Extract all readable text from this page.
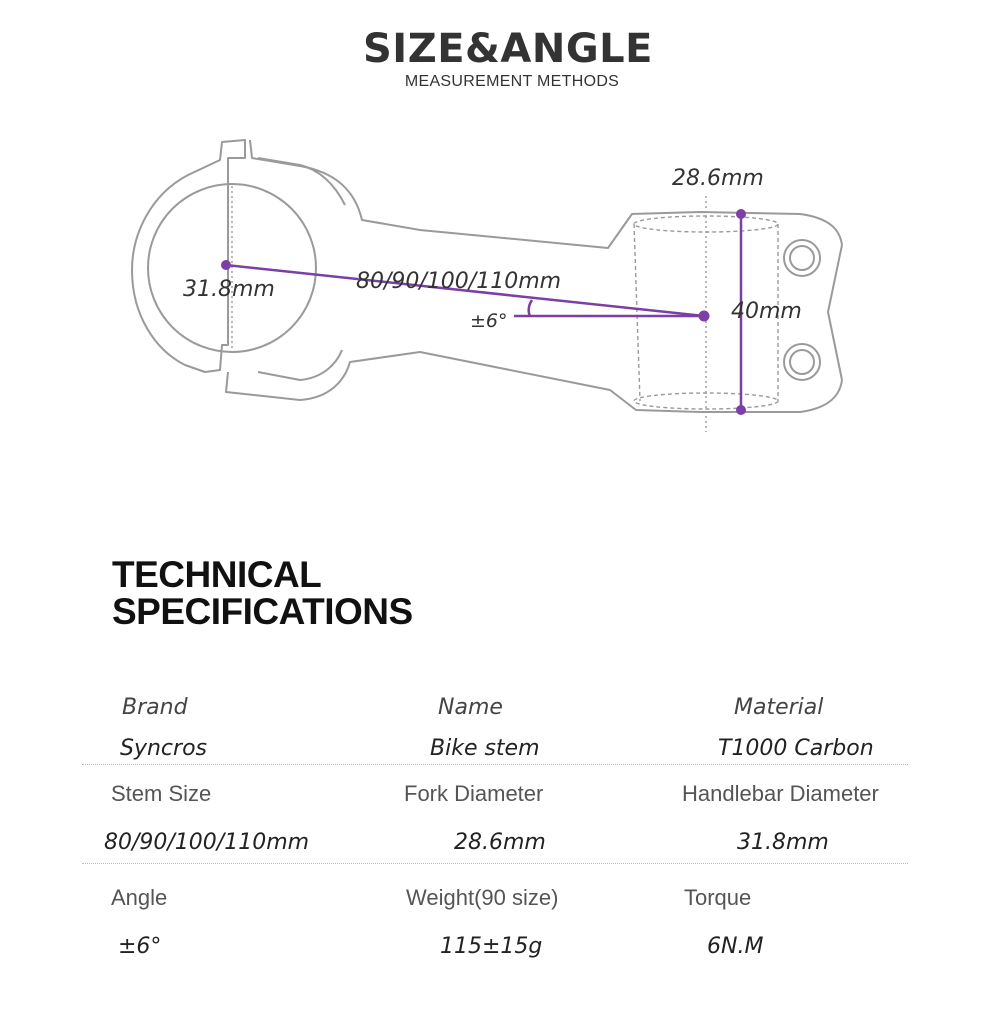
SIZE&ANGLE
MEASUREMENT METHODS
28.6mm
31.8mm	80/90/100/110mm
±6°	40mm
TECHNICAL
SPECIFICATIONS
Brand	Name	Material
Syncros	Bike stem	T1000 Carbon
Stem Size	Fork Diameter	Handlebar Diameter
80/90/100/110mm	28.6mm	31.8mm
Angle	Weight(90 size)	Torque
±6°	115±15g	6N.M
